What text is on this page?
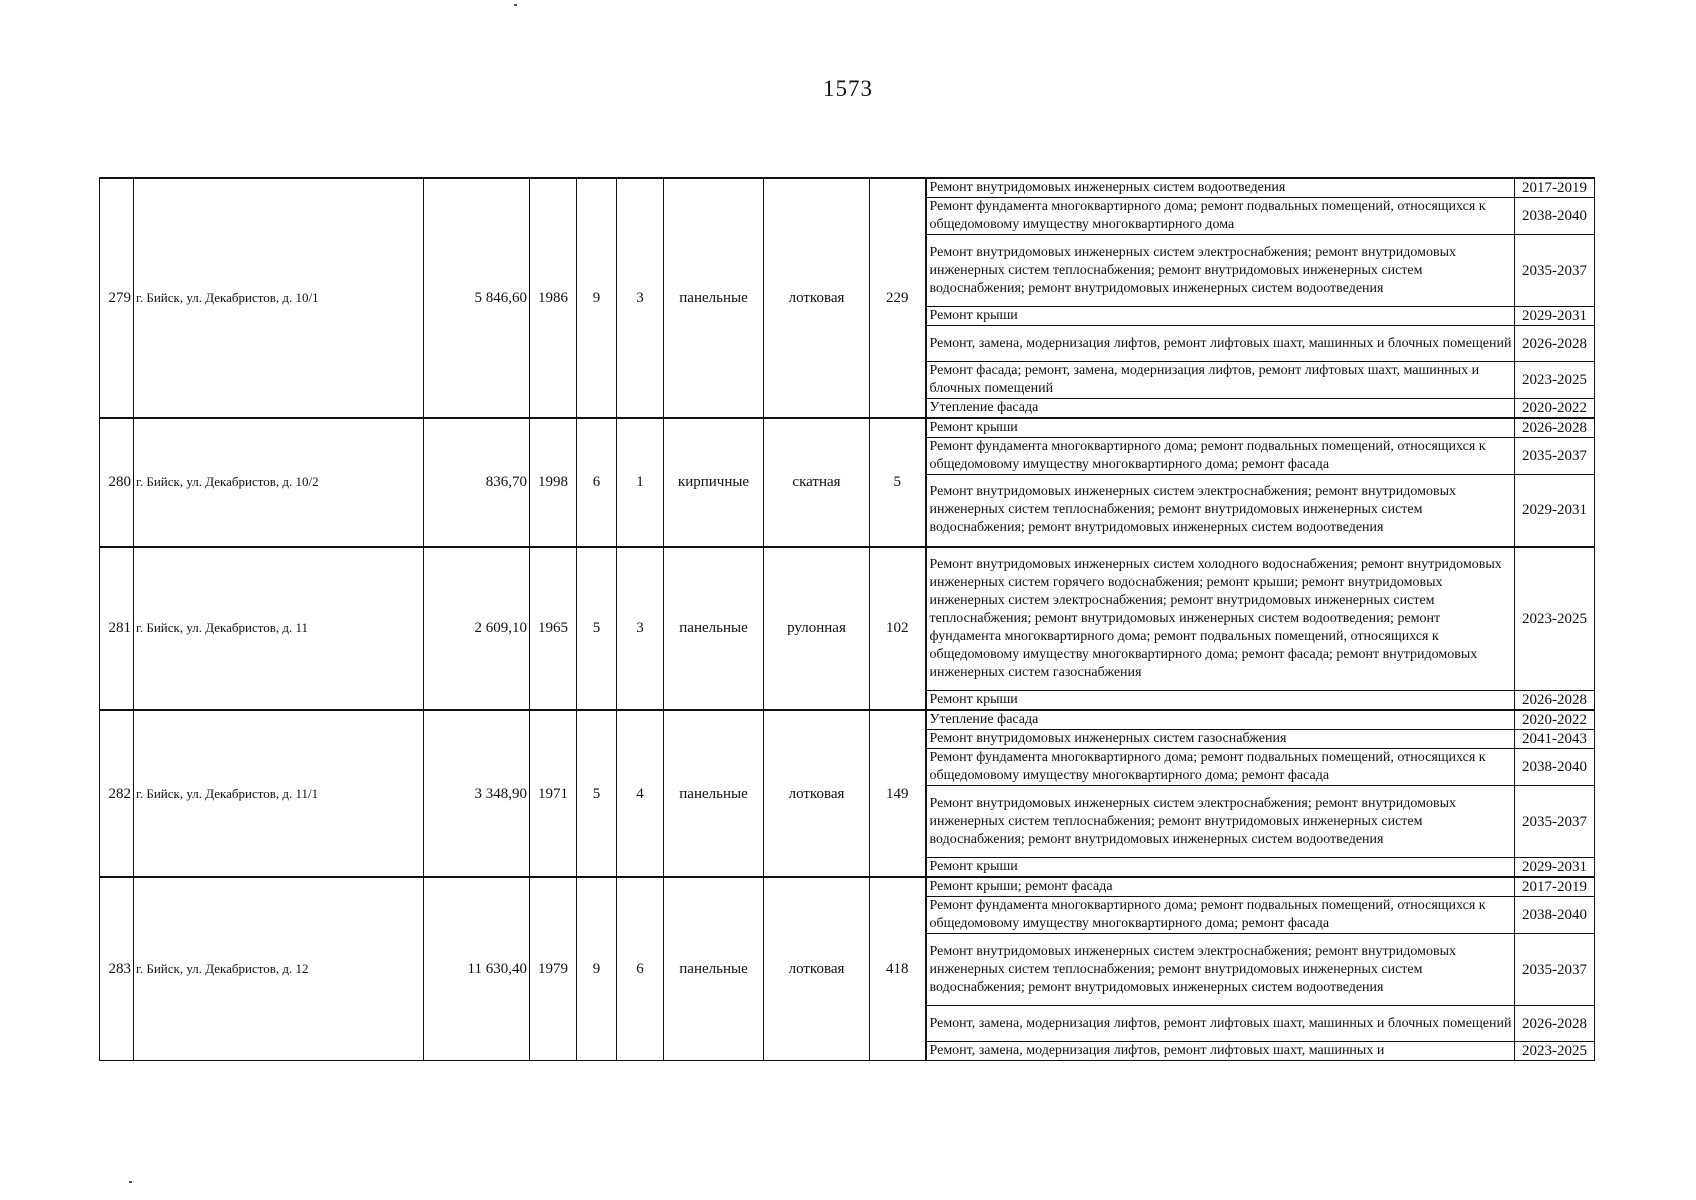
1573
279	г. Бийск, ул. Декабристов, д. 10/1	5 846,60	1986	9	3	панельные	лотковая	229	Ремонт внутридомовых инженерных систем водоотведения	2017-2019
									Ремонт фундамента многоквартирного дома; ремонт подвальных помещений, относящихся к общедомовому имуществу многоквартирного дома	2038-2040
									Ремонт внутридомовых инженерных систем электроснабжения; ремонт внутридомовых инженерных систем теплоснабжения; ремонт внутридомовых инженерных систем водоснабжения; ремонт внутридомовых инженерных систем водоотведения	2035-2037
									Ремонт крыши	2029-2031
									Ремонт, замена, модернизация лифтов, ремонт лифтовых шахт, машинных и блочных помещений	2026-2028
									Ремонт фасада; ремонт, замена, модернизация лифтов, ремонт лифтовых шахт, машинных и блочных помещений	2023-2025
									Утепление фасада	2020-2022
280	г. Бийск, ул. Декабристов, д. 10/2	836,70	1998	6	1	кирпичные	скатная	5	Ремонт крыши	2026-2028
									Ремонт фундамента многоквартирного дома; ремонт подвальных помещений, относящихся к общедомовому имуществу многоквартирного дома; ремонт фасада	2035-2037
									Ремонт внутридомовых инженерных систем электроснабжения; ремонт внутридомовых инженерных систем теплоснабжения; ремонт внутридомовых инженерных систем водоснабжения; ремонт внутридомовых инженерных систем водоотведения	2029-2031
281	г. Бийск, ул. Декабристов, д. 11	2 609,10	1965	5	3	панельные	рулонная	102	Ремонт внутридомовых инженерных систем холодного водоснабжения; ремонт внутридомовых инженерных систем горячего водоснабжения; ремонт крыши; ремонт внутридомовых инженерных систем электроснабжения; ремонт внутридомовых инженерных систем теплоснабжения; ремонт внутридомовых инженерных систем водоотведения; ремонт фундамента многоквартирного дома; ремонт подвальных помещений, относящихся к общедомовому имуществу многоквартирного дома; ремонт фасада; ремонт внутридомовых инженерных систем газоснабжения	2023-2025
									Ремонт крыши	2026-2028
282	г. Бийск, ул. Декабристов, д. 11/1	3 348,90	1971	5	4	панельные	лотковая	149	Утепление фасада	2020-2022
									Ремонт внутридомовых инженерных систем газоснабжения	2041-2043
									Ремонт фундамента многоквартирного дома; ремонт подвальных помещений, относящихся к общедомовому имуществу многоквартирного дома; ремонт фасада	2038-2040
									Ремонт внутридомовых инженерных систем электроснабжения; ремонт внутридомовых инженерных систем теплоснабжения; ремонт внутридомовых инженерных систем водоснабжения; ремонт внутридомовых инженерных систем водоотведения	2035-2037
									Ремонт крыши	2029-2031
283	г. Бийск, ул. Декабристов, д. 12	11 630,40	1979	9	6	панельные	лотковая	418	Ремонт крыши; ремонт фасада	2017-2019
									Ремонт фундамента многоквартирного дома; ремонт подвальных помещений, относящихся к общедомовому имуществу многоквартирного дома; ремонт фасада	2038-2040
									Ремонт внутридомовых инженерных систем электроснабжения; ремонт внутридомовых инженерных систем теплоснабжения; ремонт внутридомовых инженерных систем водоснабжения; ремонт внутридомовых инженерных систем водоотведения	2035-2037
									Ремонт, замена, модернизация лифтов, ремонт лифтовых шахт, машинных и блочных помещений	2026-2028
									Ремонт, замена, модернизация лифтов, ремонт лифтовых шахт, машинных и	2023-2025
